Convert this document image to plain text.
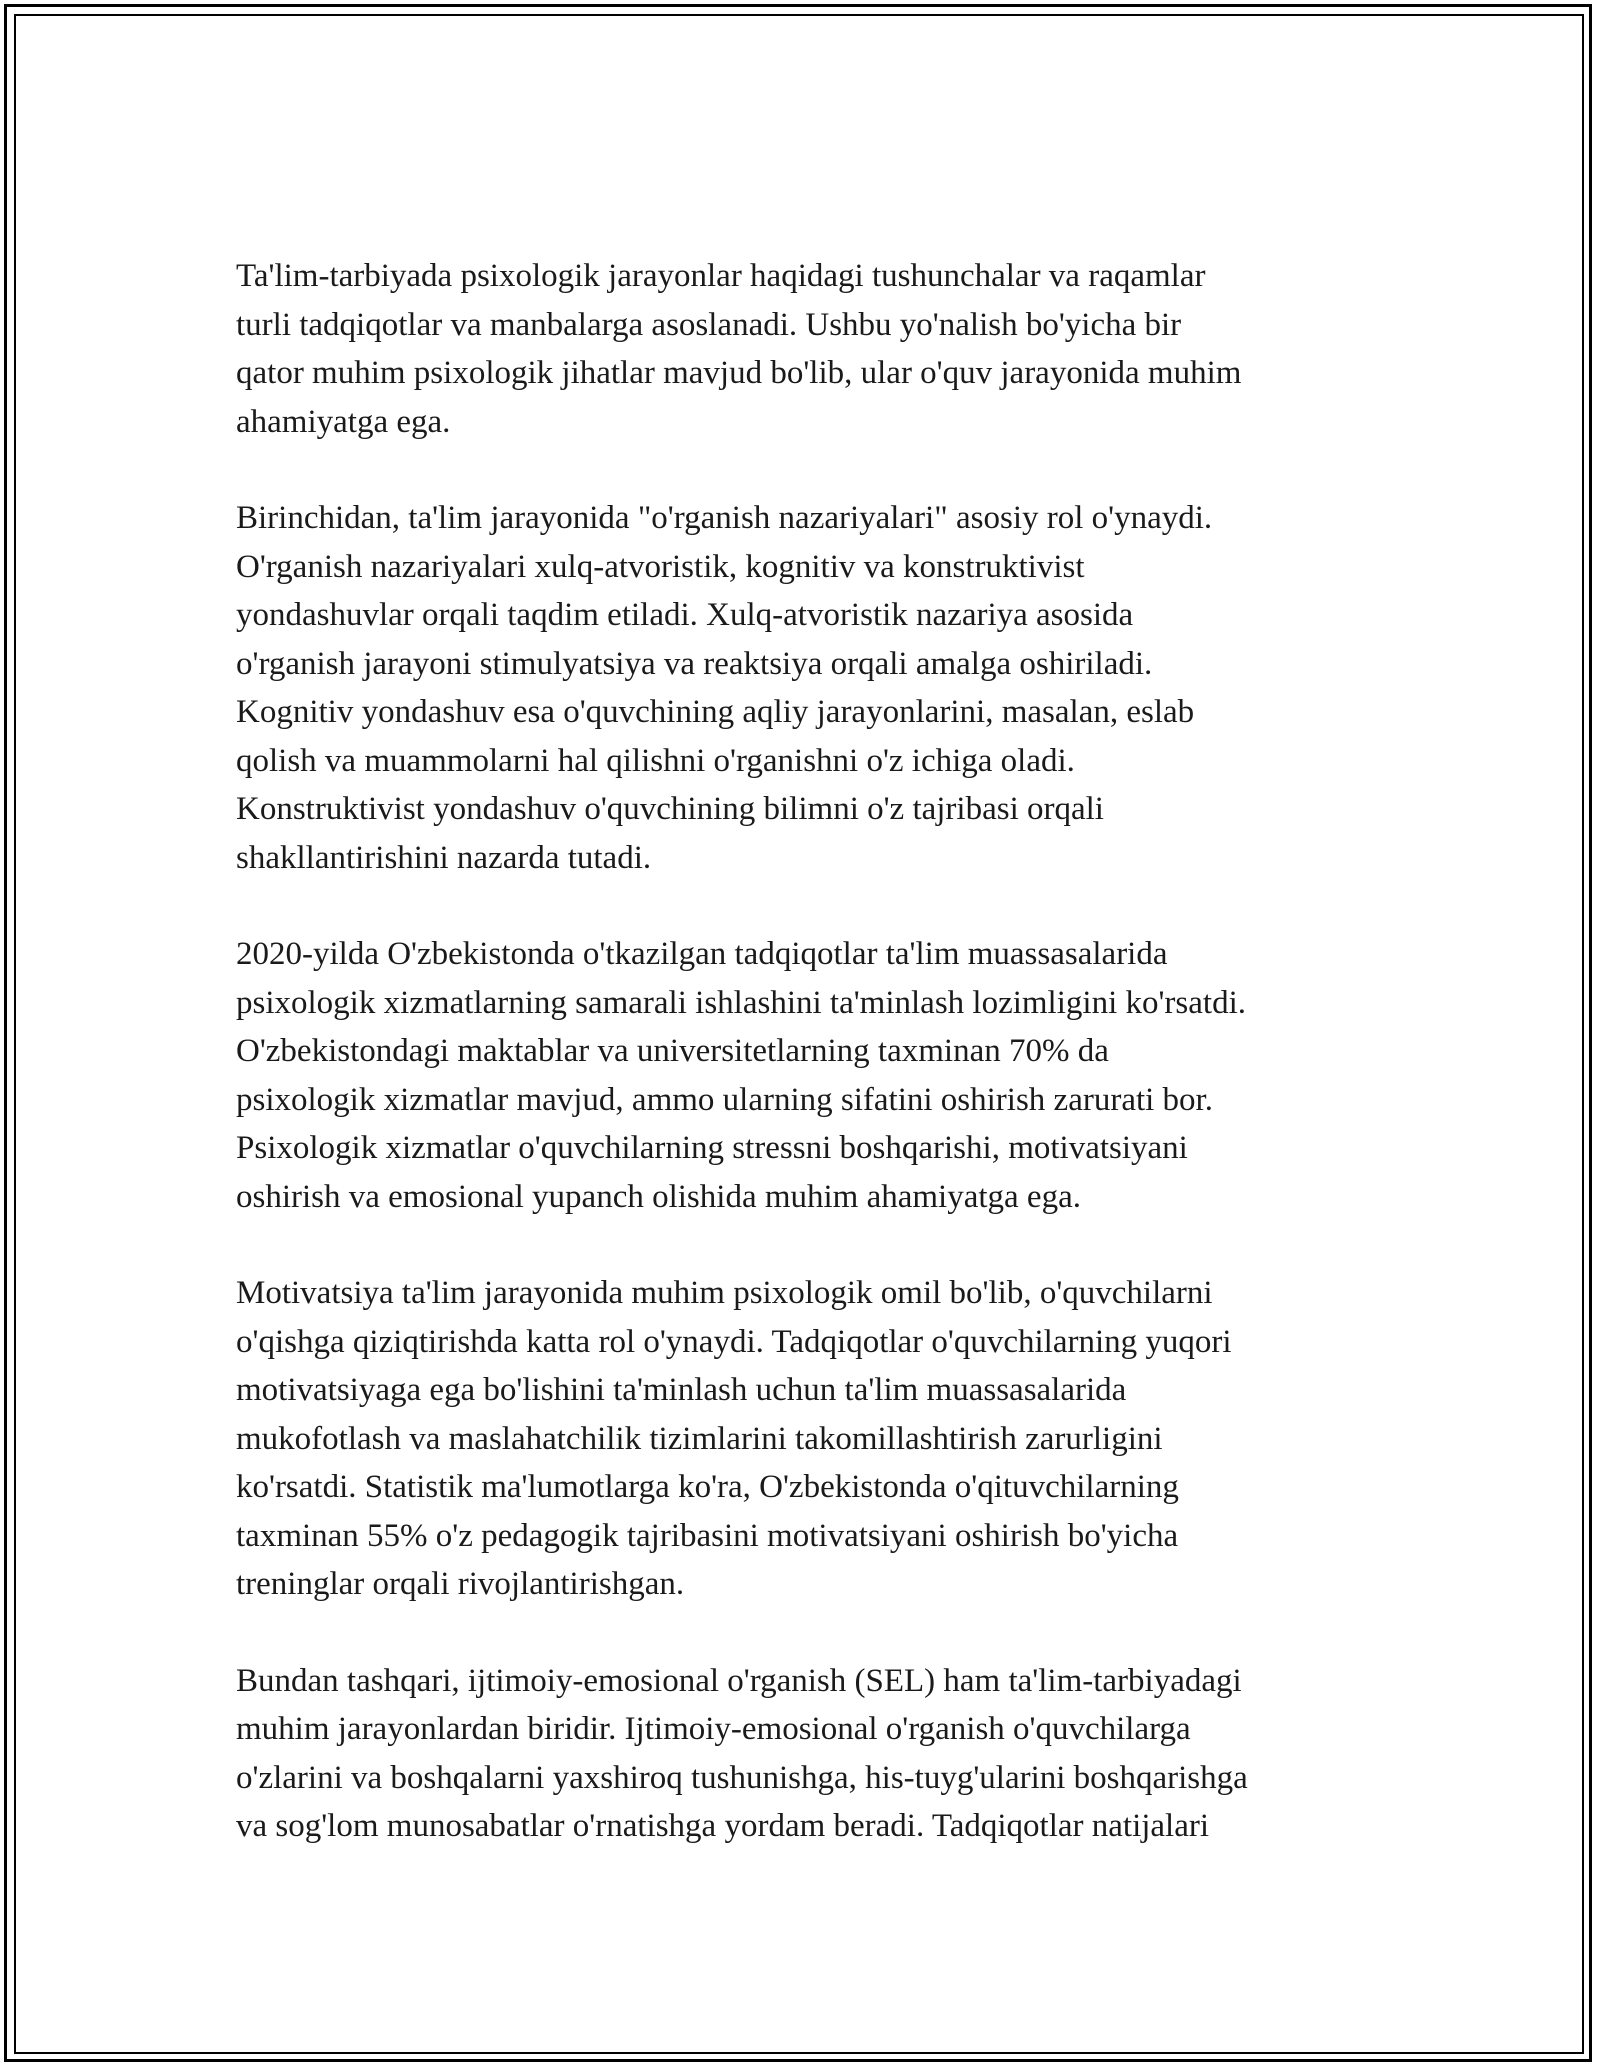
Ta'lim-tarbiyada psixologik jarayonlar haqidagi tushunchalar va raqamlar
turli tadqiqotlar va manbalarga asoslanadi. Ushbu yo'nalish bo'yicha bir
qator muhim psixologik jihatlar mavjud bo'lib, ular o'quv jarayonida muhim
ahamiyatga ega.

Birinchidan, ta'lim jarayonida "o'rganish nazariyalari" asosiy rol o'ynaydi.
O'rganish nazariyalari xulq-atvoristik, kognitiv va konstruktivist
yondashuvlar orqali taqdim etiladi. Xulq-atvoristik nazariya asosida
o'rganish jarayoni stimulyatsiya va reaktsiya orqali amalga oshiriladi.
Kognitiv yondashuv esa o'quvchining aqliy jarayonlarini, masalan, eslab
qolish va muammolarni hal qilishni o'rganishni o'z ichiga oladi.
Konstruktivist yondashuv o'quvchining bilimni o'z tajribasi orqali
shakllantirishini nazarda tutadi.

2020-yilda O'zbekistonda o'tkazilgan tadqiqotlar ta'lim muassasalarida
psixologik xizmatlarning samarali ishlashini ta'minlash lozimligini ko'rsatdi.
O'zbekistondagi maktablar va universitetlarning taxminan 70% da
psixologik xizmatlar mavjud, ammo ularning sifatini oshirish zarurati bor.
Psixologik xizmatlar o'quvchilarning stressni boshqarishi, motivatsiyani
oshirish va emosional yupanch olishida muhim ahamiyatga ega.

Motivatsiya ta'lim jarayonida muhim psixologik omil bo'lib, o'quvchilarni
o'qishga qiziqtirishda katta rol o'ynaydi. Tadqiqotlar o'quvchilarning yuqori
motivatsiyaga ega bo'lishini ta'minlash uchun ta'lim muassasalarida
mukofotlash va maslahatchilik tizimlarini takomillashtirish zarurligini
ko'rsatdi. Statistik ma'lumotlarga ko'ra, O'zbekistonda o'qituvchilarning
taxminan 55% o'z pedagogik tajribasini motivatsiyani oshirish bo'yicha
treninglar orqali rivojlantirishgan.

Bundan tashqari, ijtimoiy-emosional o'rganish (SEL) ham ta'lim-tarbiyadagi
muhim jarayonlardan biridir. Ijtimoiy-emosional o'rganish o'quvchilarga
o'zlarini va boshqalarni yaxshiroq tushunishga, his-tuyg'ularini boshqarishga
va sog'lom munosabatlar o'rnatishga yordam beradi. Tadqiqotlar natijalari
